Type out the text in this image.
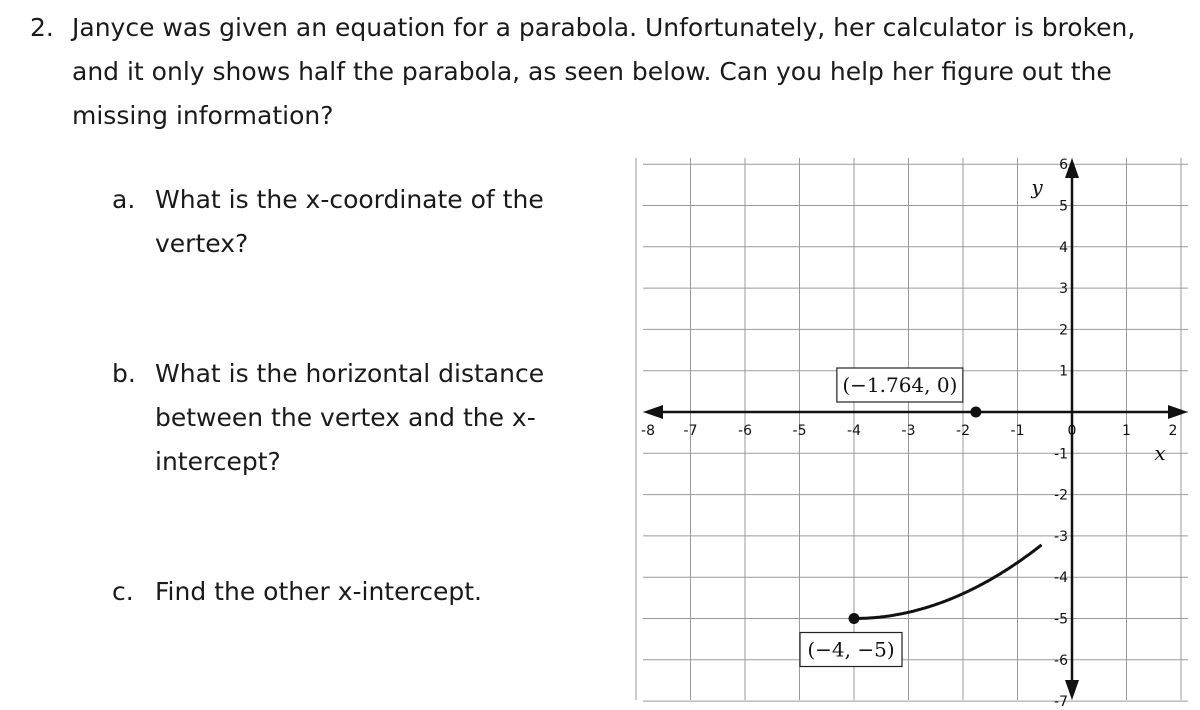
2. Janyce was given an equation for a parabola. Unfortunately, her calculator is broken, and it only shows half the parabola, as seen below. Can you help her figure out the missing information?
a. What is the x-coordinate of the vertex?
b. What is the horizontal distance between the vertex and the x-intercept?
c. Find the other x-intercept.
-8 -7	-6	-5	-4	-3	-2	-1	0	1	2
6
5
4
3
2
1
-1
-2
-3
-4
-5
-6
-7
x
y
(−4, −5)
(−1.764, 0)
